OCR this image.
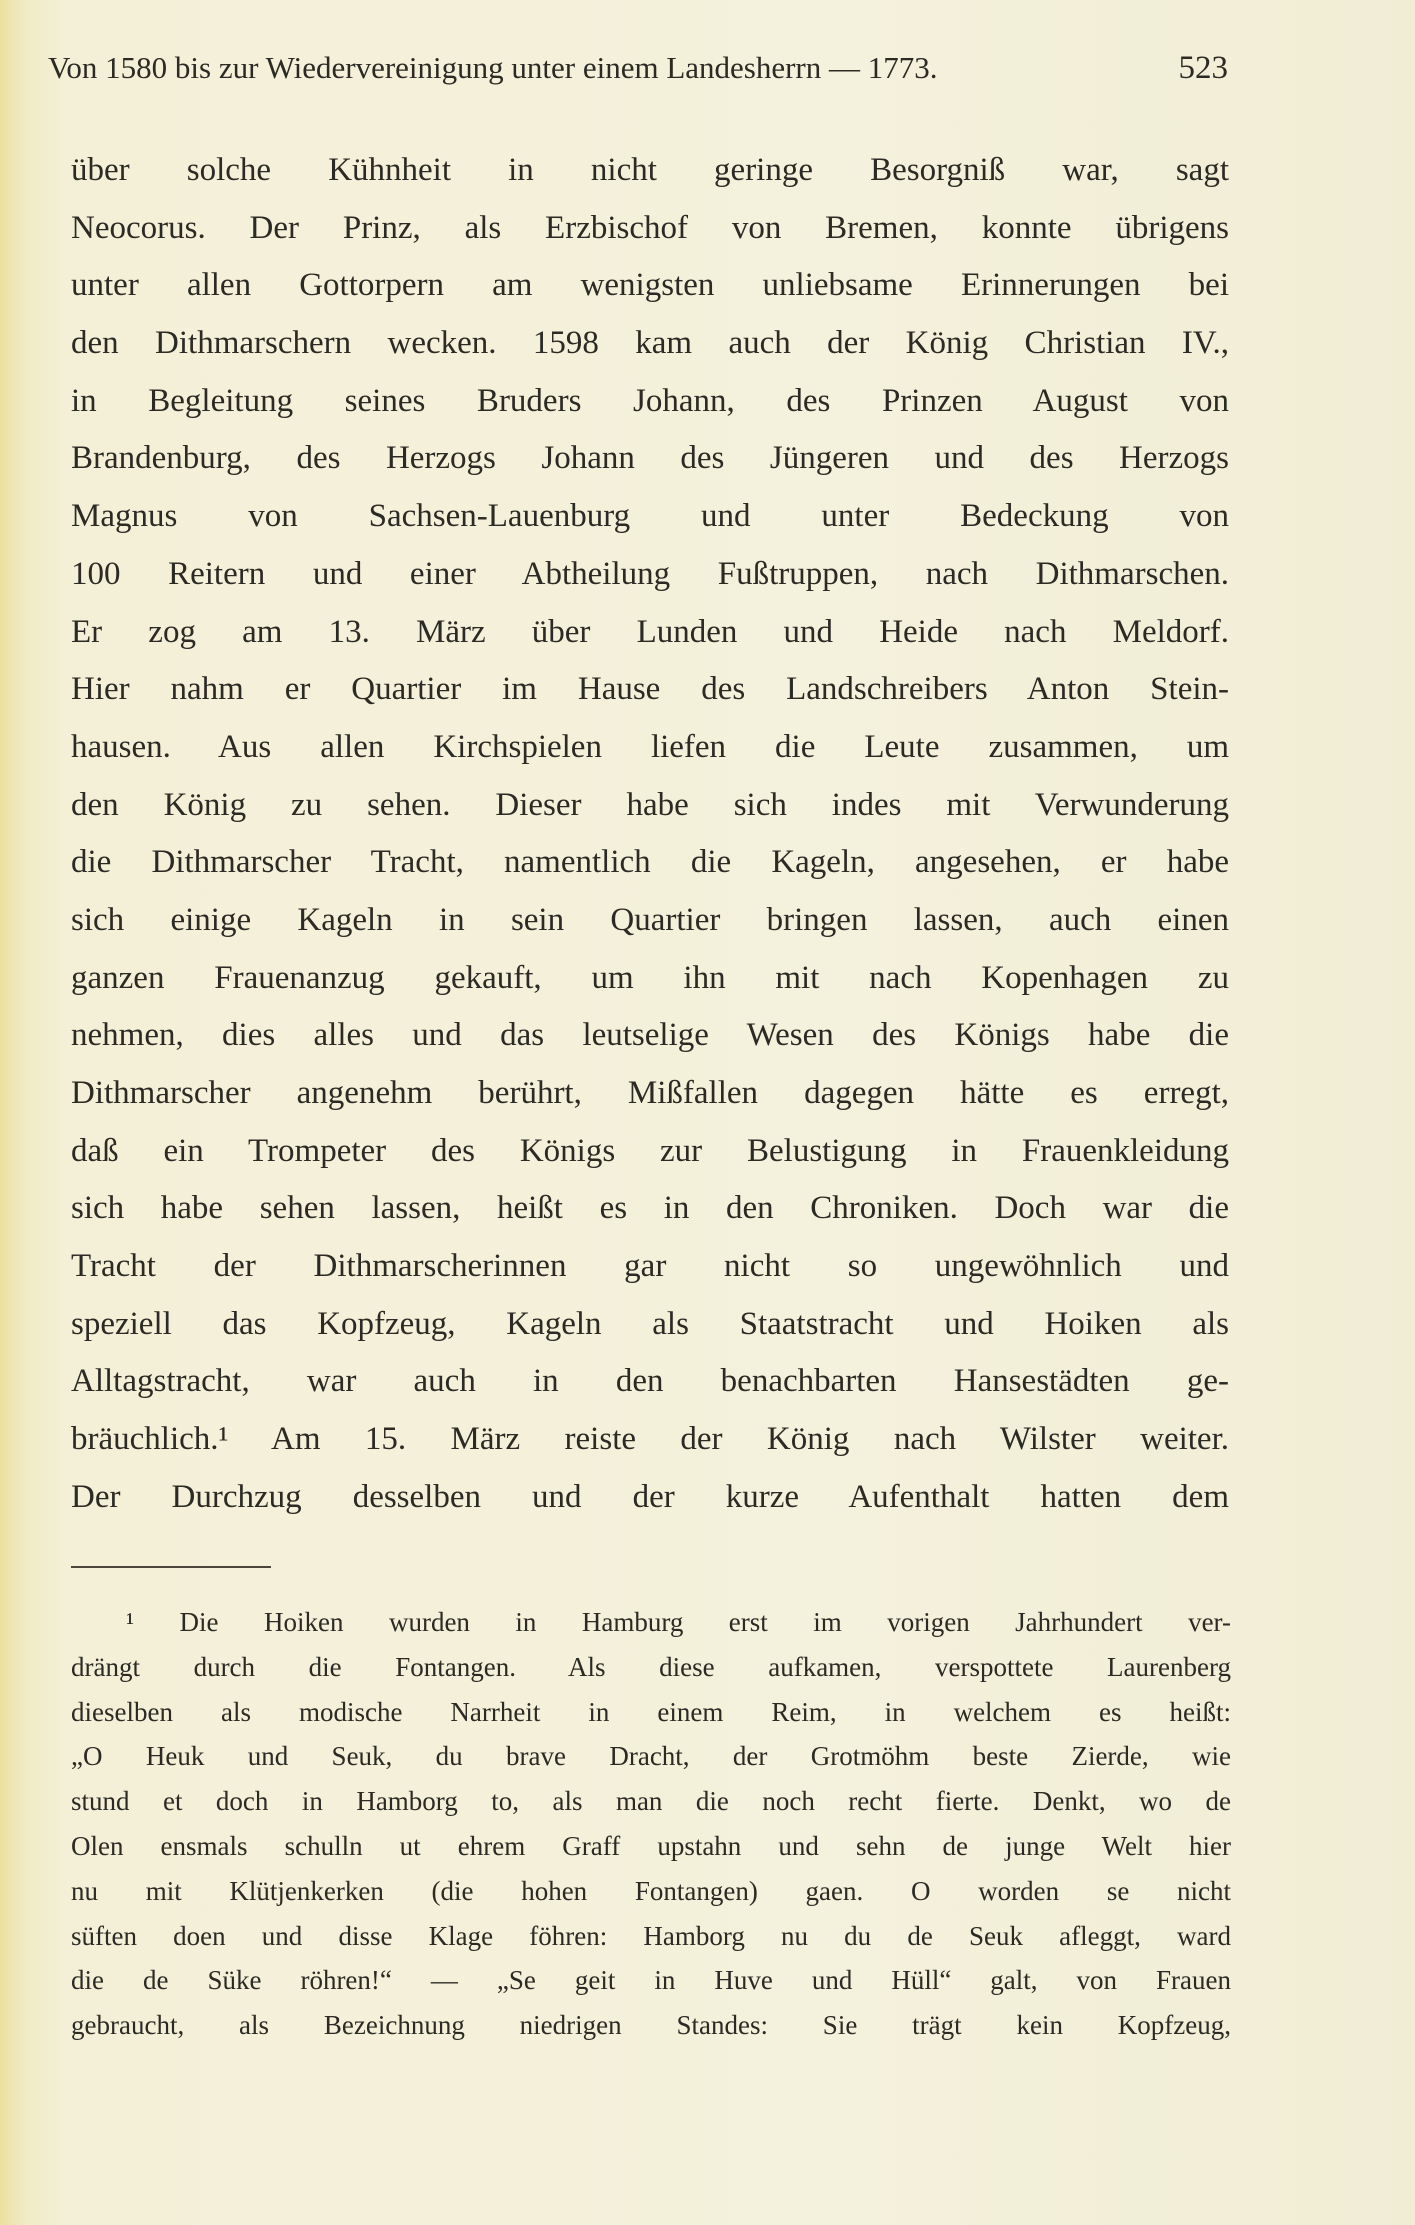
Von 1580 bis zur Wiedervereinigung unter einem Landesherrn — 1773.	523
über solche Kühnheit in nicht geringe Besorgniß war, sagt
Neocorus. Der Prinz, als Erzbischof von Bremen, konnte übrigens
unter allen Gottorpern am wenigsten unliebsame Erinnerungen bei
den Dithmarschern wecken. 1598 kam auch der König Christian IV.,
in Begleitung seines Bruders Johann, des Prinzen August von
Brandenburg, des Herzogs Johann des Jüngeren und des Herzogs
Magnus von Sachsen-Lauenburg und unter Bedeckung von
100 Reitern und einer Abtheilung Fußtruppen, nach Dithmarschen.
Er zog am 13. März über Lunden und Heide nach Meldorf.
Hier nahm er Quartier im Hause des Landschreibers Anton Stein-
hausen. Aus allen Kirchspielen liefen die Leute zusammen, um
den König zu sehen. Dieser habe sich indes mit Verwunderung
die Dithmarscher Tracht, namentlich die Kageln, angesehen, er habe
sich einige Kageln in sein Quartier bringen lassen, auch einen
ganzen Frauenanzug gekauft, um ihn mit nach Kopenhagen zu
nehmen, dies alles und das leutselige Wesen des Königs habe die
Dithmarscher angenehm berührt, Mißfallen dagegen hätte es erregt,
daß ein Trompeter des Königs zur Belustigung in Frauenkleidung
sich habe sehen lassen, heißt es in den Chroniken. Doch war die
Tracht der Dithmarscherinnen gar nicht so ungewöhnlich und
speziell das Kopfzeug, Kageln als Staatstracht und Hoiken als
Alltagstracht, war auch in den benachbarten Hansestädten ge-
bräuchlich.¹ Am 15. März reiste der König nach Wilster weiter.
Der Durchzug desselben und der kurze Aufenthalt hatten dem
¹ Die Hoiken wurden in Hamburg erst im vorigen Jahrhundert ver-
drängt durch die Fontangen. Als diese aufkamen, verspottete Laurenberg
dieselben als modische Narrheit in einem Reim, in welchem es heißt:
„O Heuk und Seuk, du brave Dracht, der Grotmöhm beste Zierde, wie
stund et doch in Hamborg to, als man die noch recht fierte. Denkt, wo de
Olen ensmals schulln ut ehrem Graff upstahn und sehn de junge Welt hier
nu mit Klütjenkerken (die hohen Fontangen) gaen. O worden se nicht
süften doen und disse Klage föhren: Hamborg nu du de Seuk afleggt, ward
die de Süke röhren!“ — „Se geit in Huve und Hüll“ galt, von Frauen
gebraucht, als Bezeichnung niedrigen Standes: Sie trägt kein Kopfzeug,
